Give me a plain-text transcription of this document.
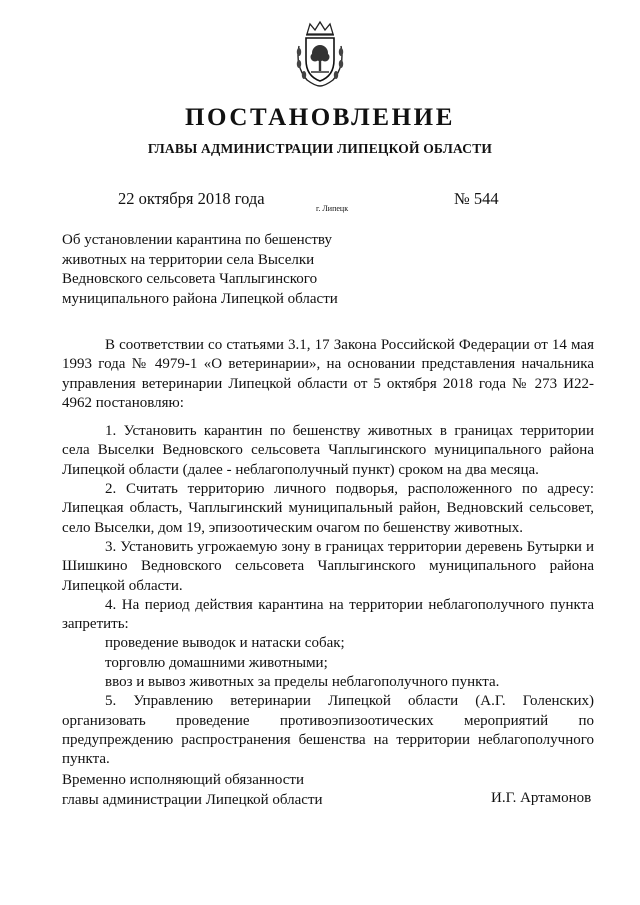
ПОСТАНОВЛЕНИЕ
ГЛАВЫ АДМИНИСТРАЦИИ ЛИПЕЦКОЙ ОБЛАСТИ
22 октября 2018 года
г. Липецк
№ 544
Об установлении карантина по бешенству животных на территории села Выселки Ведновского сельсовета Чаплыгинского муниципального района Липецкой области

В соответствии со статьями 3.1, 17 Закона Российской Федерации от 14 мая 1993 года № 4979-1 «О ветеринарии», на основании представления начальника управления ветеринарии Липецкой области от 5 октября 2018 года № 273 И22-4962 постановляю:

1. Установить карантин по бешенству животных в границах территории села Выселки Ведновского сельсовета Чаплыгинского муниципального района Липецкой области (далее - неблагополучный пункт) сроком на два месяца.

2. Считать территорию личного подворья, расположенного по адресу: Липецкая область, Чаплыгинский муниципальный район, Ведновский сельсовет, село Выселки, дом 19, эпизоотическим очагом по бешенству животных.

3. Установить угрожаемую зону в границах территории деревень Бутырки и Шишкино Ведновского сельсовета Чаплыгинского муниципального района Липецкой области.

4. На период действия карантина на территории неблагополучного пункта запретить:

проведение выводок и натаски собак;

торговлю домашними животными;

ввоз и вывоз животных за пределы неблагополучного пункта.

5. Управлению ветеринарии Липецкой области (А.Г. Голенских) организовать проведение противоэпизоотических мероприятий по предупреждению распространения бешенства на территории неблагополучного пункта.

Временно исполняющий обязанности
главы администрации Липецкой области	И.Г. Артамонов
